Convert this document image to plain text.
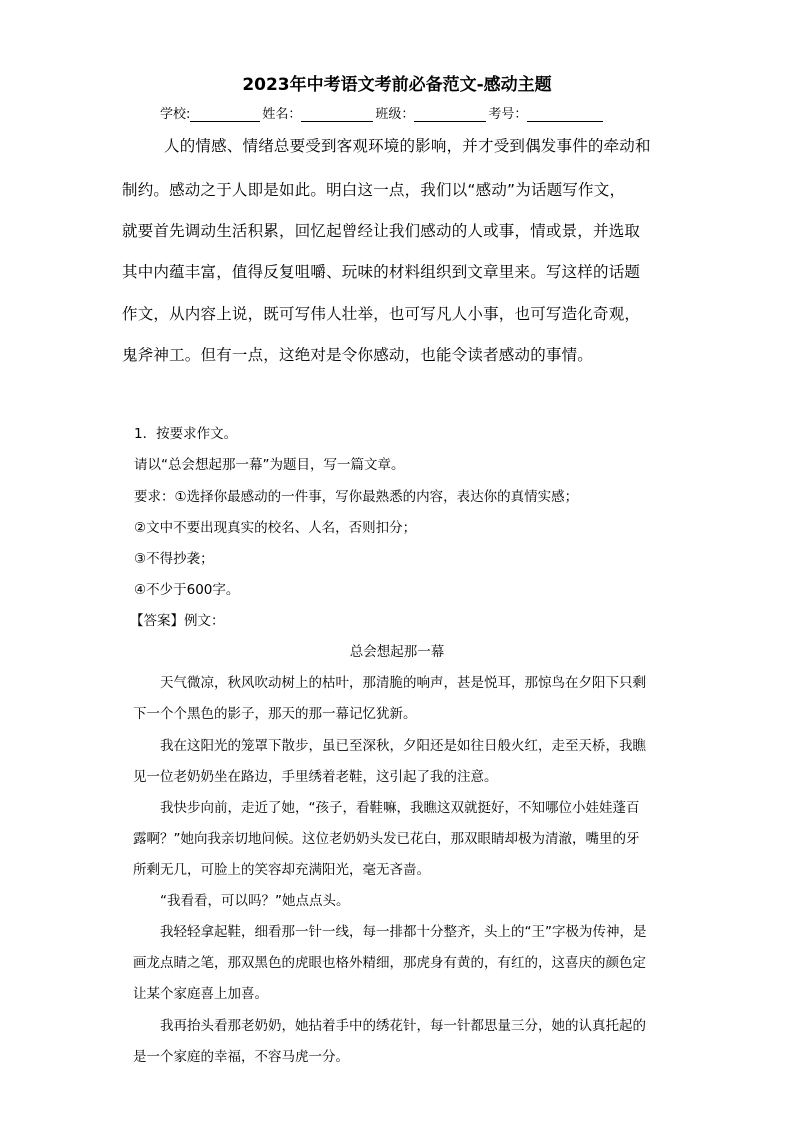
2023年中考语文考前必备范文-感动主题
学校:	姓名：	班级：	考号：
人的情感、情绪总要受到客观环境的影响，并才受到偶发事件的牵动和
制约。感动之于人即是如此。明白这一点，我们以“感动”为话题写作文，
就要首先调动生活积累，回忆起曾经让我们感动的人或事，情或景，并选取
其中内蕴丰富，值得反复咀嚼、玩味的材料组织到文章里来。写这样的话题
作文，从内容上说，既可写伟人壮举，也可写凡人小事，也可写造化奇观，
鬼斧神工。但有一点，这绝对是令你感动，也能令读者感动的事情。
1．按要求作文。
请以“总会想起那一幕”为题目，写一篇文章。
要求：①选择你最感动的一件事，写你最熟悉的内容，表达你的真情实感；
②文中不要出现真实的校名、人名，否则扣分；
③不得抄袭；
④不少于600字。
【答案】例文：
总会想起那一幕
天气微凉，秋风吹动树上的枯叶，那清脆的响声，甚是悦耳，那惊鸟在夕阳下只剩
下一个个黑色的影子，那天的那一幕记忆犹新。
我在这阳光的笼罩下散步，虽已至深秋，夕阳还是如往日般火红，走至天桥，我瞧
见一位老奶奶坐在路边，手里绣着老鞋，这引起了我的注意。
我快步向前，走近了她，“孩子，看鞋嘛，我瞧这双就挺好，不知哪位小娃娃蓬百
露啊？”她向我亲切地问候。这位老奶奶头发已花白，那双眼睛却极为清澈，嘴里的牙
所剩无几，可脸上的笑容却充满阳光，毫无吝啬。
“我看看，可以吗？”她点点头。
我轻轻拿起鞋，细看那一针一线，每一排都十分整齐，头上的“王”字极为传神，是
画龙点睛之笔，那双黑色的虎眼也格外精细，那虎身有黄的，有红的，这喜庆的颜色定
让某个家庭喜上加喜。
我再抬头看那老奶奶，她拈着手中的绣花针，每一针都思量三分，她的认真托起的
是一个家庭的幸福，不容马虎一分。
